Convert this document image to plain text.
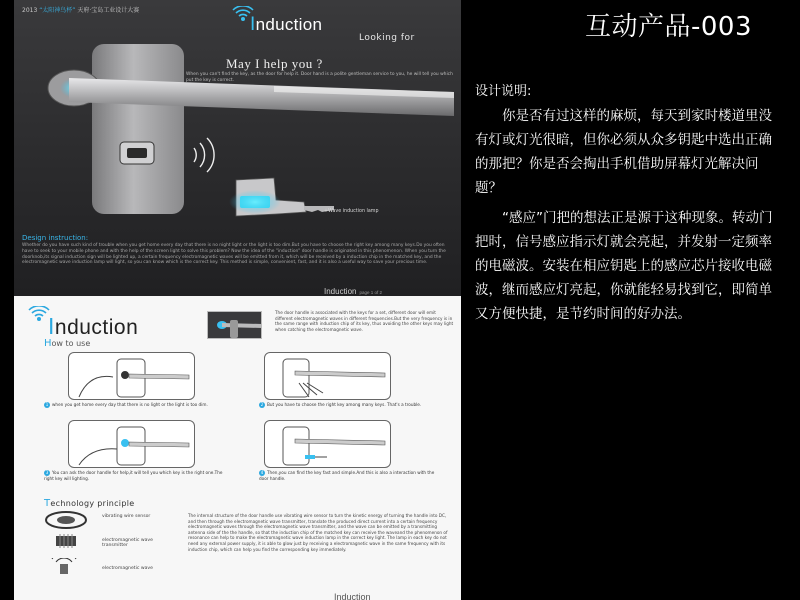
2013 “太阳神鸟杯” 天府·宝岛工业设计大赛
Induction
Looking for
May I help you ?
When you can't find the key, as the door for help it. Door hand is a polite gentleman service to you, he will tell you which put the key is correct.
+Wave induction lamp
Design instruction:
Whether do you have such kind of trouble when you get home every day that there is no night light or the light is too dim.But you have to choose the right key among many keys.Do you often have to seek to your mobile phone and with the help of the screen light to solve this problem? Now the idea of the "induction" door handle is originated in this phenomenon. When you turn the doorknob,its signal induction sign will be lighted up, a certain frequency electromagnetic waves will be emitted from it, which will be received by a induction chip in the matched key, and the electromagnetic wave induction lamp will light, so you can know which is the correct key. This method is simple, convenient, fast, and it is also a useful way to save your precious time.
Induction page 1 of 2
Induction
How to use
The door handle is associated with the keys for a set, different door will emit different electromagnetic waves in different frequencies.But the very frequency is in the same range with induction chip of its key, thus avoiding the other keys may light when catching the electromagnetic wave.
1 when you get home every day that there is no light or the light is too dim.	2 But you have to choose the right key among many keys. That's a trouble.
3 You can ask the door handle for help,it will tell you which key is the right one.The right key will lighting.
4 Then,you can find the key fast and simple.And this is also a interaction with the door handle.
Technology principle
vibrating wire sensor
electromagnetic wave transmitter
electromagnetic wave
The internal structure of the door handle use vibrating wire sensor to turn the kinetic energy of turning the handle into DC, and then through the electromagnetic wave transmitter, translate the produced direct current into a certain frequency electromagnetic waves through the electromagnetic wave transmitter, and the wave can be emitted by a transmitting antenna side of the the handle, so that the induction chip of the matched key can receive the waveand the phenomenon of resonance can help to make the electromagnetic wave induction lamp in the correct key light. The lamp in each key do not need any external power supply, it is able to glow just by receiving a electromagnetic wave in the same frequency with its induction chip, which can help you find the corresponding key immediately.
Induction
互动产品-003
设计说明:
你是否有过这样的麻烦，每天到家时楼道里没有灯或灯光很暗，但你必须从众多钥匙中选出正确的那把？你是否会掏出手机借助屏幕灯光解决问题？
“感应”门把的想法正是源于这种现象。转动门把时，信号感应指示灯就会亮起，并发射一定频率的电磁波。安装在相应钥匙上的感应芯片接收电磁波，继而感应灯亮起，你就能轻易找到它，即简单又方便快捷，是节约时间的好办法。
